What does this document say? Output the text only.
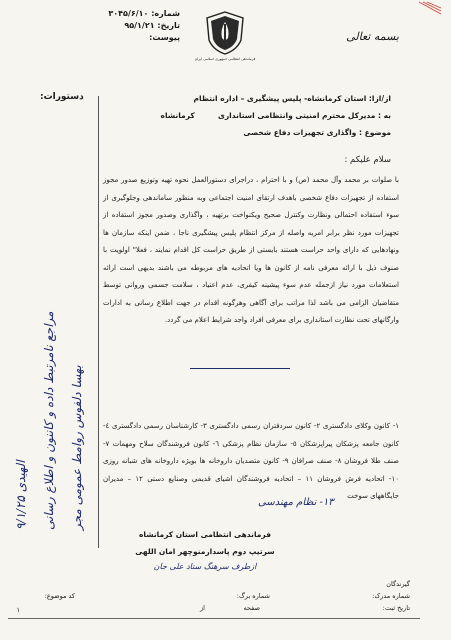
شماره: ۳۰۴۵/۶/۱۰
تاریخ: ۹۵/۱/۲۱
پیوست:
فرماندهی انتظامی جمهوری اسلامی ایران
بسمه تعالی
دستورات:
بهسا دلفوس روامط عمومی مجر
مراجع نامرتبط داده و کاننون و اطلاع رسانی
الهیدی ۹/۱/۲۵
از/ازا: استان کرمانشاه- پلیس پیشگیری – اداره انتظام
به : مدیرکل محترم امنیتی وانتظامی استانداری  کرمانشاه
موضوع : واگذاری تجهیزات دفاع شخصی
سلام علیکم :
با صلوات بر محمد وآل محمد (ص) و با احترام ، دراجرای دستورالعمل نحوه تهیه وتوزیع صدور مجوز استفاده از تجهیزات دفاع شخصی باهدف ارتقای امنیت اجتماعی وبه منظور ساماندهی وجلوگیری از سوء استفاده احتمالی ونظارت وکنترل صحیح ویکنواخت برتهیه ، واگذاری وصدور مجوز استفاده از تجهیزات مورد نظر برابر امریه واصله از مرکز انتظام پلیس پیشگیری ناجا ، ضمن اینکه سازمان ها ونهادهایی که دارای واحد حراست هستند بایستی از طریق حراست کل اقدام نمایند ، فعلا" اولویت با صنوف ذیل با ارائه معرفی نامه از کانون ها ویا اتحادیه های مربوطه می باشند بدیهی است ارائه استعلامات مورد نیاز ازجمله عدم سوء پیشینه کیفری، عدم اعتیاد ، سلامت جسمی وروانی توسط متقاضیان الزامی می باشد لذا مراتب برای آگاهی وهرگونه اقدام در جهت اطلاع رسانی به ادارات وارگانهای تحت نظارت استانداری برای معرفی افراد واجد شرایط اعلام می گردد.
۱- کانون وکلای دادگستری ۲- کانون سردفتران رسمی دادگستری ۳- کارشناسان رسمی دادگستری ٤- کانون جامعه پزشکان پیراپزشکان ٥- سازمان نظام پزشکی ٦- کانون فروشندگان سلاح ومهمات ۷- صنف طلا فروشان ۸- صنف صرافان ۹- کانون متصدیان داروخانه ها بویژه داروخانه های شبانه روزی ۱۰- اتحادیه فرش فروشان ۱۱ – اتحادیه فروشندگان اشیای قدیمی وصنایع دستی ۱۲ – مدیران جایگاههای سوخت
۱۳- نظام مهندسی
فرماندهی انتظامی استان کرمانشاه
سرتیپ دوم پاسدارمنوچهر امان اللهی
ازطرف سرهنگ ستاد علی جان
گیرندگان
شماره مدرک:
تاریخ ثبت:
شماره برگ:
از	صفحه
کد موضوع:
۱
